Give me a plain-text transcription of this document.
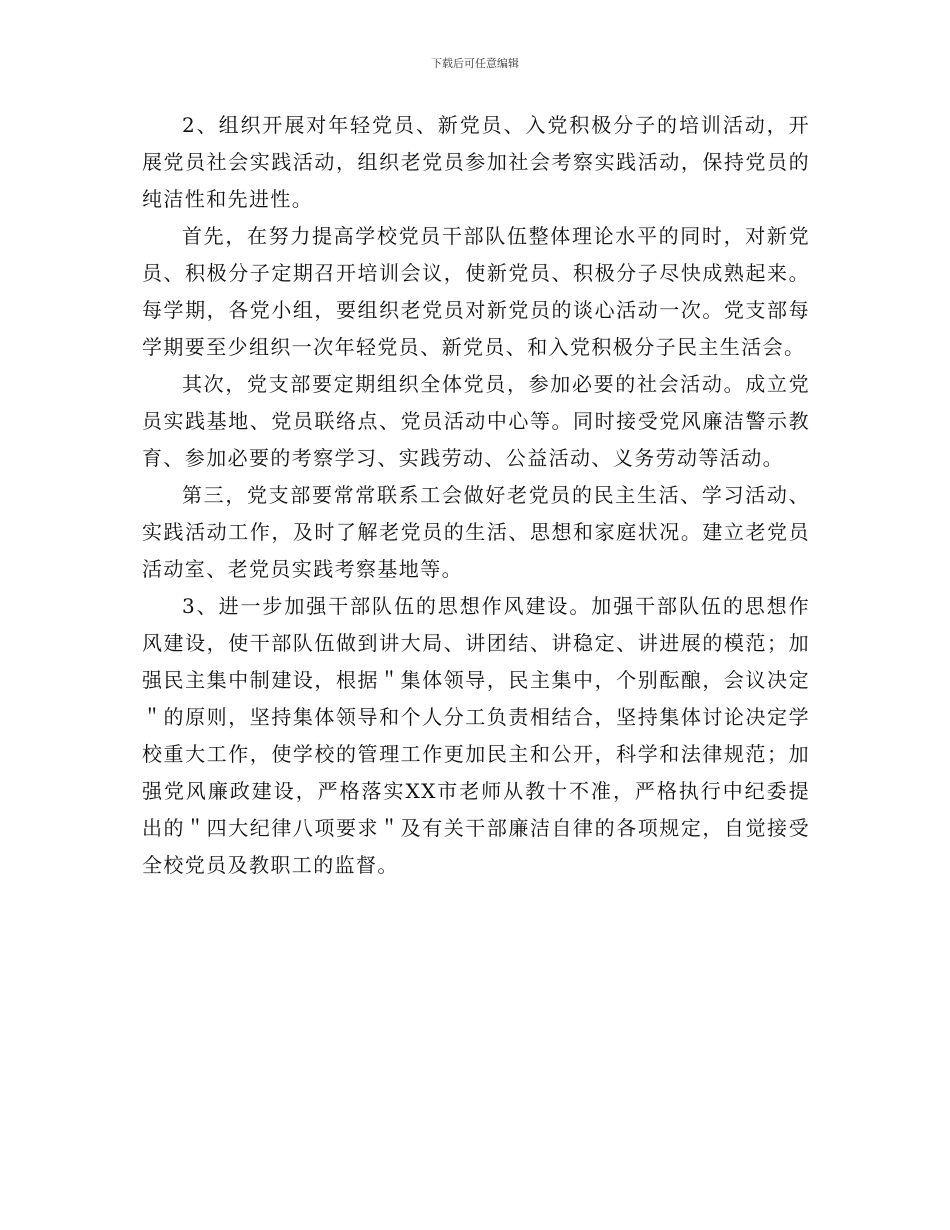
下载后可任意编辑

2、组织开展对年轻党员、新党员、入党积极分子的培训活动，开展党员社会实践活动，组织老党员参加社会考察实践活动，保持党员的纯洁性和先进性。

首先，在努力提高学校党员干部队伍整体理论水平的同时，对新党员、积极分子定期召开培训会议，使新党员、积极分子尽快成熟起来。每学期，各党小组，要组织老党员对新党员的谈心活动一次。党支部每学期要至少组织一次年轻党员、新党员、和入党积极分子民主生活会。

其次，党支部要定期组织全体党员，参加必要的社会活动。成立党员实践基地、党员联络点、党员活动中心等。同时接受党风廉洁警示教育、参加必要的考察学习、实践劳动、公益活动、义务劳动等活动。

第三，党支部要常常联系工会做好老党员的民主生活、学习活动、实践活动工作，及时了解老党员的生活、思想和家庭状况。建立老党员活动室、老党员实践考察基地等。

3、进一步加强干部队伍的思想作风建设。加强干部队伍的思想作风建设，使干部队伍做到讲大局、讲团结、讲稳定、讲进展的模范；加强民主集中制建设，根据＂集体领导，民主集中，个别酝酿，会议决定＂的原则，坚持集体领导和个人分工负责相结合，坚持集体讨论决定学校重大工作，使学校的管理工作更加民主和公开，科学和法律规范；加强党风廉政建设，严格落实XX市老师从教十不准，严格执行中纪委提出的＂四大纪律八项要求＂及有关干部廉洁自律的各项规定，自觉接受全校党员及教职工的监督。
